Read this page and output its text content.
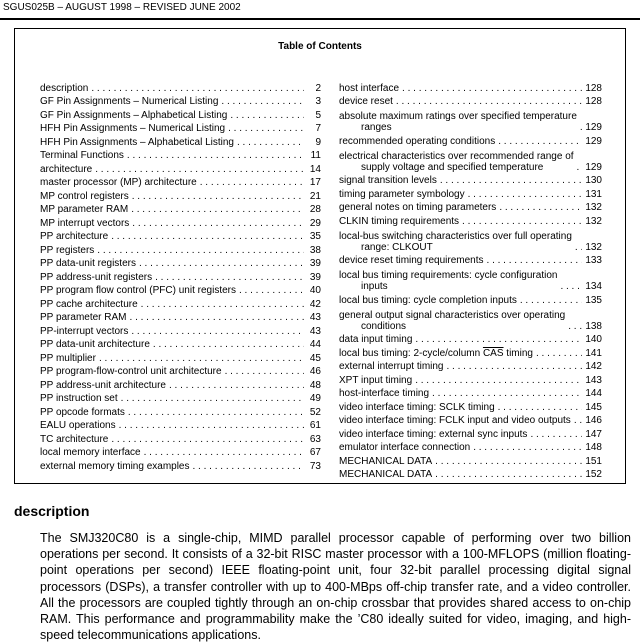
SGUS025B – AUGUST 1998 – REVISED JUNE 2002
Table of Contents
description . . .	2
GF Pin Assignments – Numerical Listing . . .	3
GF Pin Assignments – Alphabetical Listing . . .	5
HFH Pin Assignments – Numerical Listing . . .	7
HFH Pin Assignments – Alphabetical Listing . . .	9
Terminal Functions . . .	11
architecture . . .	14
master processor (MP) architecture . . .	17
MP control registers . . .	21
MP parameter RAM . . .	28
MP interrupt vectors . . .	29
PP architecture . . .	35
PP registers . . .	38
PP data-unit registers . . .	39
PP address-unit registers . . .	39
PP program flow control (PFC) unit registers . . .	40
PP cache architecture . . .	42
PP parameter RAM . . .	43
PP-interrupt vectors . . .	43
PP data-unit architecture . . .	44
PP multiplier . . .	45
PP program-flow-control unit architecture . . .	46
PP address-unit architecture . . .	48
PP instruction set . . .	49
PP opcode formats . . .	52
EALU operations . . .	61
TC architecture . . .	63
local memory interface . . .	67
external memory timing examples . . .	73
host interface . . .	128
device reset . . .	128
absolute maximum ratings over specified temperature
ranges . . .	129
recommended operating conditions . . .	129
electrical characteristics over recommended range of
supply voltage and specified temperature . . .	129
signal transition levels . . .	130
timing parameter symbology . . .	131
general notes on timing parameters . . .	132
CLKIN timing requirements . . .	132
local-bus switching characteristics over full operating
range: CLKOUT . . .	132
device reset timing requirements . . .	133
local bus timing requirements: cycle configuration
inputs . . .	134
local bus timing: cycle completion inputs . . .	135
general output signal characteristics over operating
conditions . . .	138
data input timing . . .	140
local bus timing: 2-cycle/column $\overline{CAS}$ timing . . .	141
external interrupt timing . . .	142
XPT input timing . . .	143
host-interface timing . . .	144
video interface timing: SCLK timing . . .	145
video interface timing: FCLK input and video outputs . . . 146
video interface timing: external sync inputs . . .	147
emulator interface connection . . .	148
MECHANICAL DATA . . .	151
MECHANICAL DATA . . .	152
description
The SMJ320C80 is a single-chip, MIMD parallel processor capable of performing over two billion operations per second. It consists of a 32-bit RISC master processor with a 100-MFLOPS (million floating-point operations per second) IEEE floating-point unit, four 32-bit parallel processing digital signal processors (DSPs), a transfer controller with up to 400-MBps off-chip transfer rate, and a video controller. All the processors are coupled tightly through an on-chip crossbar that provides shared access to on-chip RAM. This performance and programmability make the ’C80 ideally suited for video, imaging, and high-speed telecommunications applications.
